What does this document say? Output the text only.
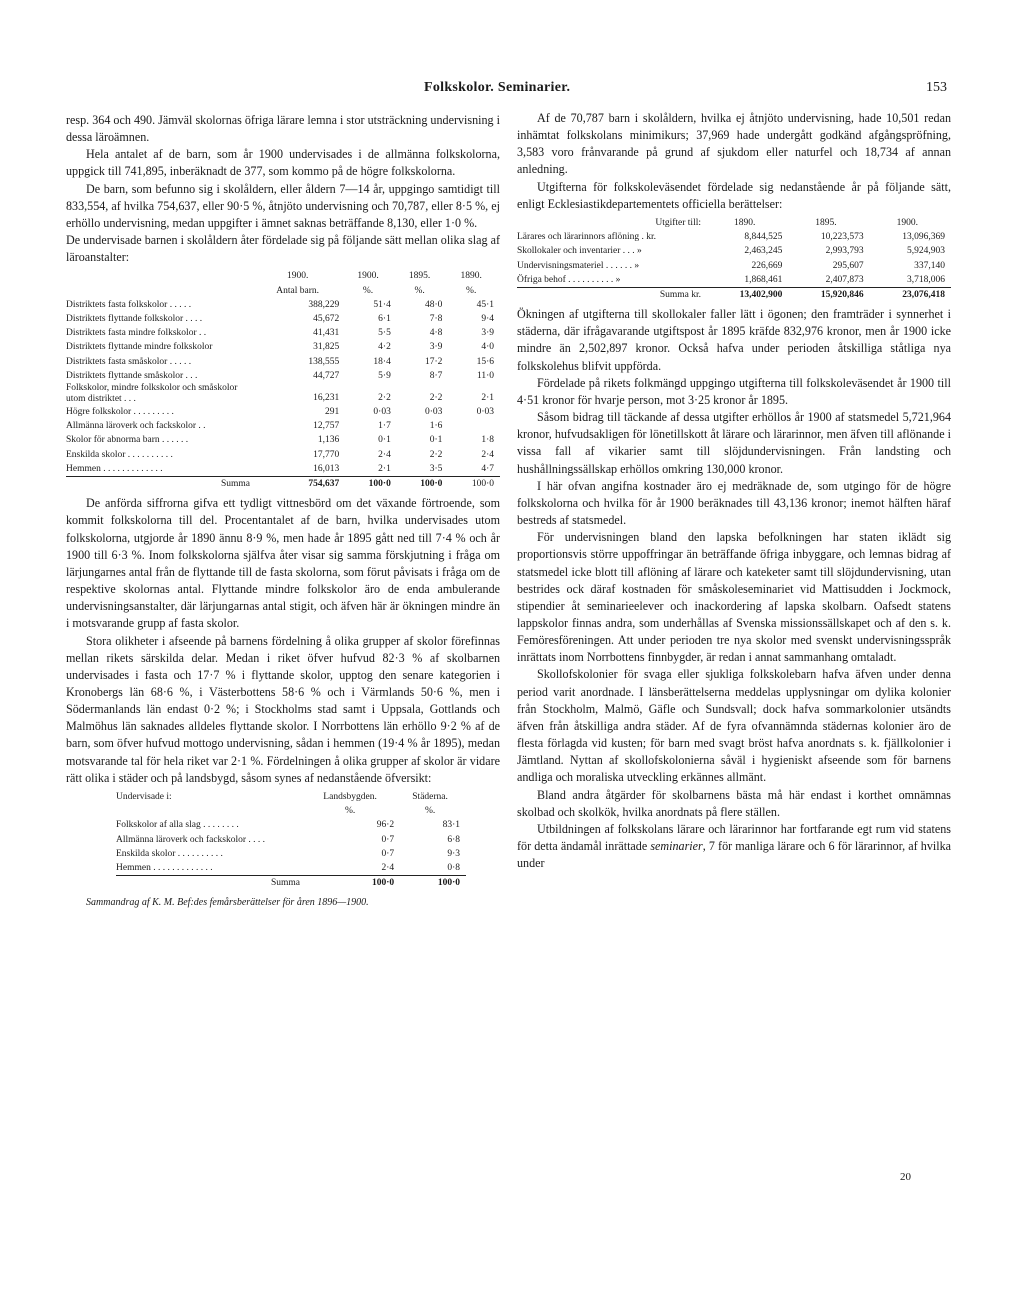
Folkskolor. Seminarier.	153

resp. 364 och 490. Jämväl skolornas öfriga lärare lemna i stor utsträckning undervisning i dessa läroämnen.

Hela antalet af de barn, som år 1900 undervisades i de allmänna folkskolorna, uppgick till 741,895, inberäknadt de 377, som kommo på de högre folkskolorna.

De barn, som befunno sig i skolåldern, eller åldern 7—14 år, uppgingo samtidigt till 833,554, af hvilka 754,637, eller 90·5 %, åtnjöto undervisning och 70,787, eller 8·5 %, ej erhöllo undervisning, medan uppgifter i ämnet saknas beträffande 8,130, eller 1·0 %.

De undervisade barnen i skolåldern åter fördelade sig på följande sätt mellan olika slag af läroanstalter:

	1900.	1900.	1895.	1890.
	Antal barn.	%.	%.	%.
Distriktets fasta folkskolor . . . . .	388,229	51·4	48·0	45·1
Distriktets flyttande folkskolor . . . .	45,672	6·1	7·8	9·4
Distriktets fasta mindre folkskolor . .	41,431	5·5	4·8	3·9
Distriktets flyttande mindre folkskolor	31,825	4·2	3·9	4·0
Distriktets fasta småskolor . . . . .	138,555	18·4	17·2	15·6
Distriktets flyttande småskolor . . .	44,727	5·9	8·7	11·0
Folkskolor, mindre folkskolor och småskolor utom distriktet . . .	16,231	2·2	2·2	2·1
Högre folkskolor . . . . . . . . .	291	0·03	0·03	0·03
Allmänna läroverk och fackskolor . .	12,757	1·7	1·6	
Skolor för abnorma barn . . . . . .	1,136	0·1	0·1	1·8
Enskilda skolor . . . . . . . . . .	17,770	2·4	2·2	2·4
Hemmen . . . . . . . . . . . . .	16,013	2·1	3·5	4·7
Summa	754,637	100·0	100·0	100·0

De anförda siffrorna gifva ett tydligt vittnesbörd om det växande förtroende, som kommit folkskolorna till del. Procentantalet af de barn, hvilka undervisades utom folkskolorna, utgjorde år 1890 ännu 8·9 %, men hade år 1895 gått ned till 7·4 % och år 1900 till 6·3 %. Inom folkskolorna själfva åter visar sig samma förskjutning i fråga om lärjungarnes antal från de flyttande till de fasta skolorna, som förut påvisats i fråga om de respektive skolornas antal. Flyttande mindre folkskolor äro de enda ambulerande undervisningsanstalter, där lärjungarnas antal stigit, och äfven här är ökningen mindre än i motsvarande grupp af fasta skolor.

Stora olikheter i afseende på barnens fördelning å olika grupper af skolor förefinnas mellan rikets särskilda delar. Medan i riket öfver hufvud 82·3 % af skolbarnen undervisades i fasta och 17·7 % i flyttande skolor, upptog den senare kategorien i Kronobergs län 68·6 %, i Västerbottens 58·6 % och i Värmlands 50·6 %, men i Södermanlands län endast 0·2 %; i Stockholms stad samt i Uppsala, Gottlands och Malmöhus län saknades alldeles flyttande skolor. I Norrbottens län erhöllo 9·2 % af de barn, som öfver hufvud mottogo undervisning, sådan i hemmen (19·4 % år 1895), medan motsvarande tal för hela riket var 2·1 %. Fördelningen å olika grupper af skolor är vidare rätt olika i städer och på landsbygd, såsom synes af nedanstående öfversikt:

Undervisade i:	Landsbygden.	Städerna.
	%.	%.
Folkskolor af alla slag . . . . . . . .	96·2	83·1
Allmänna läroverk och fackskolor . . . .	0·7	6·8
Enskilda skolor . . . . . . . . . .	0·7	9·3
Hemmen . . . . . . . . . . . . .	2·4	0·8
Summa	100·0	100·0

Sammandrag af K. M. Bef:des femårsberättelser för åren 1896—1900.

Af de 70,787 barn i skolåldern, hvilka ej åtnjöto undervisning, hade 10,501 redan inhämtat folkskolans minimikurs; 37,969 hade undergått godkänd afgångspröfning, 3,583 voro frånvarande på grund af sjukdom eller naturfel och 18,734 af annan anledning.

Utgifterna för folkskoleväsendet fördelade sig nedanstående år på följande sätt, enligt Ecklesiastikdepartementets officiella berättelser:

Utgifter till:	1890.	1895.	1900.
Lärares och lärarinnors aflöning . kr.	8,844,525	10,223,573	13,096,369
Skollokaler och inventarier . . . »	2,463,245	2,993,793	5,924,903
Undervisningsmateriel . . . . . . »	226,669	295,607	337,140
Öfriga behof . . . . . . . . . . »	1,868,461	2,407,873	3,718,006
Summa kr.	13,402,900	15,920,846	23,076,418

Ökningen af utgifterna till skollokaler faller lätt i ögonen; den framträder i synnerhet i städerna, där ifrågavarande utgiftspost år 1895 kräfde 832,976 kronor, men år 1900 icke mindre än 2,502,897 kronor. Också hafva under perioden åtskilliga ståtliga nya folkskolehus blifvit uppförda.

Fördelade på rikets folkmängd uppgingo utgifterna till folkskoleväsendet år 1900 till 4·51 kronor för hvarje person, mot 3·25 kronor år 1895.

Såsom bidrag till täckande af dessa utgifter erhöllos år 1900 af statsmedel 5,721,964 kronor, hufvudsakligen för lönetillskott åt lärare och lärarinnor, men äfven till aflönande i vissa fall af vikarier samt till slöjdundervisningen. Från landsting och hushållningssällskap erhöllos omkring 130,000 kronor.

I här ofvan angifna kostnader äro ej medräknade de, som utgingo för de högre folkskolorna och hvilka för år 1900 beräknades till 43,136 kronor; inemot hälften häraf bestreds af statsmedel.

För undervisningen bland den lapska befolkningen har staten iklädt sig proportionsvis större uppoffringar än beträffande öfriga inbyggare, och lemnas bidrag af statsmedel icke blott till aflöning af lärare och kateketer samt till slöjdundervisning, utan bestrides ock däraf kostnaden för småskoleseminariet vid Mattisudden i Jockmock, stipendier åt seminarieelever och inackordering af lapska skolbarn. Oafsedt statens lappskolor finnas andra, som underhållas af Svenska missionssällskapet och af den s. k. Femöresföreningen. Att under perioden tre nya skolor med svenskt undervisningsspråk inrättats inom Norrbottens finnbygder, är redan i annat sammanhang omtaladt.

Skollofskolonier för svaga eller sjukliga folkskolebarn hafva äfven under denna period varit anordnade. I länsberättelserna meddelas upplysningar om dylika kolonier från Stockholm, Malmö, Gäfle och Sundsvall; dock hafva sommarkolonier utsändts äfven från åtskilliga andra städer. Af de fyra ofvannämnda städernas kolonier äro de flesta förlagda vid kusten; för barn med svagt bröst hafva anordnats s. k. fjällkolonier i Jämtland. Nyttan af skollofskolonierna såväl i hygieniskt afseende som för barnens andliga och moraliska utveckling erkännes allmänt.

Bland andra åtgärder för skolbarnens bästa må här endast i korthet omnämnas skolbad och skolkök, hvilka anordnats på flere ställen.

Utbildningen af folkskolans lärare och lärarinnor har fortfarande egt rum vid statens för detta ändamål inrättade seminarier, 7 för manliga lärare och 6 för lärarinnor, af hvilka under

20
